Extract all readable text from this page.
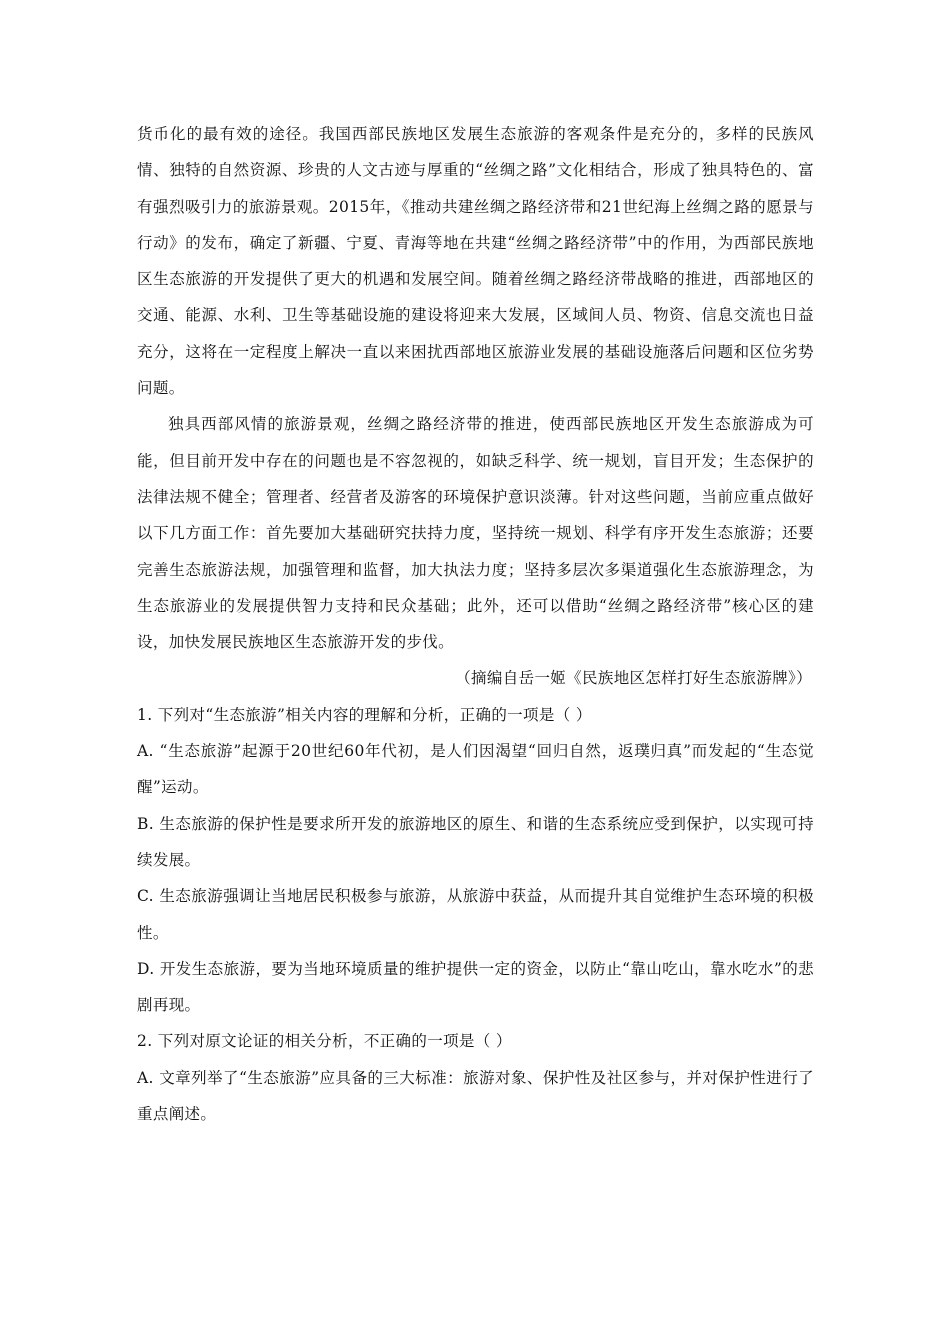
货币化的最有效的途径。我国西部民族地区发展生态旅游的客观条件是充分的，多样的民族风情、独特的自然资源、珍贵的人文古迹与厚重的“丝绸之路”文化相结合，形成了独具特色的、富有强烈吸引力的旅游景观。2015年，《推动共建丝绸之路经济带和21世纪海上丝绸之路的愿景与行动》的发布，确定了新疆、宁夏、青海等地在共建“丝绸之路经济带”中的作用，为西部民族地区生态旅游的开发提供了更大的机遇和发展空间。随着丝绸之路经济带战略的推进，西部地区的交通、能源、水利、卫生等基础设施的建设将迎来大发展，区域间人员、物资、信息交流也日益充分，这将在一定程度上解决一直以来困扰西部地区旅游业发展的基础设施落后问题和区位劣势问题。

独具西部风情的旅游景观，丝绸之路经济带的推进，使西部民族地区开发生态旅游成为可能，但目前开发中存在的问题也是不容忽视的，如缺乏科学、统一规划，盲目开发；生态保护的法律法规不健全；管理者、经营者及游客的环境保护意识淡薄。针对这些问题，当前应重点做好以下几方面工作：首先要加大基础研究扶持力度，坚持统一规划、科学有序开发生态旅游；还要完善生态旅游法规，加强管理和监督，加大执法力度；坚持多层次多渠道强化生态旅游理念，为生态旅游业的发展提供智力支持和民众基础；此外，还可以借助“丝绸之路经济带”核心区的建设，加快发展民族地区生态旅游开发的步伐。

（摘编自岳一姬《民族地区怎样打好生态旅游牌》）

1. 下列对“生态旅游”相关内容的理解和分析，正确的一项是（ ）

A. “生态旅游”起源于20世纪60年代初，是人们因渴望“回归自然，返璞归真”而发起的“生态觉醒”运动。

B. 生态旅游的保护性是要求所开发的旅游地区的原生、和谐的生态系统应受到保护，以实现可持续发展。

C. 生态旅游强调让当地居民积极参与旅游，从旅游中获益，从而提升其自觉维护生态环境的积极性。

D. 开发生态旅游，要为当地环境质量的维护提供一定的资金，以防止“靠山吃山，靠水吃水”的悲剧再现。

2. 下列对原文论证的相关分析，不正确的一项是（ ）

A. 文章列举了“生态旅游”应具备的三大标准：旅游对象、保护性及社区参与，并对保护性进行了重点阐述。
